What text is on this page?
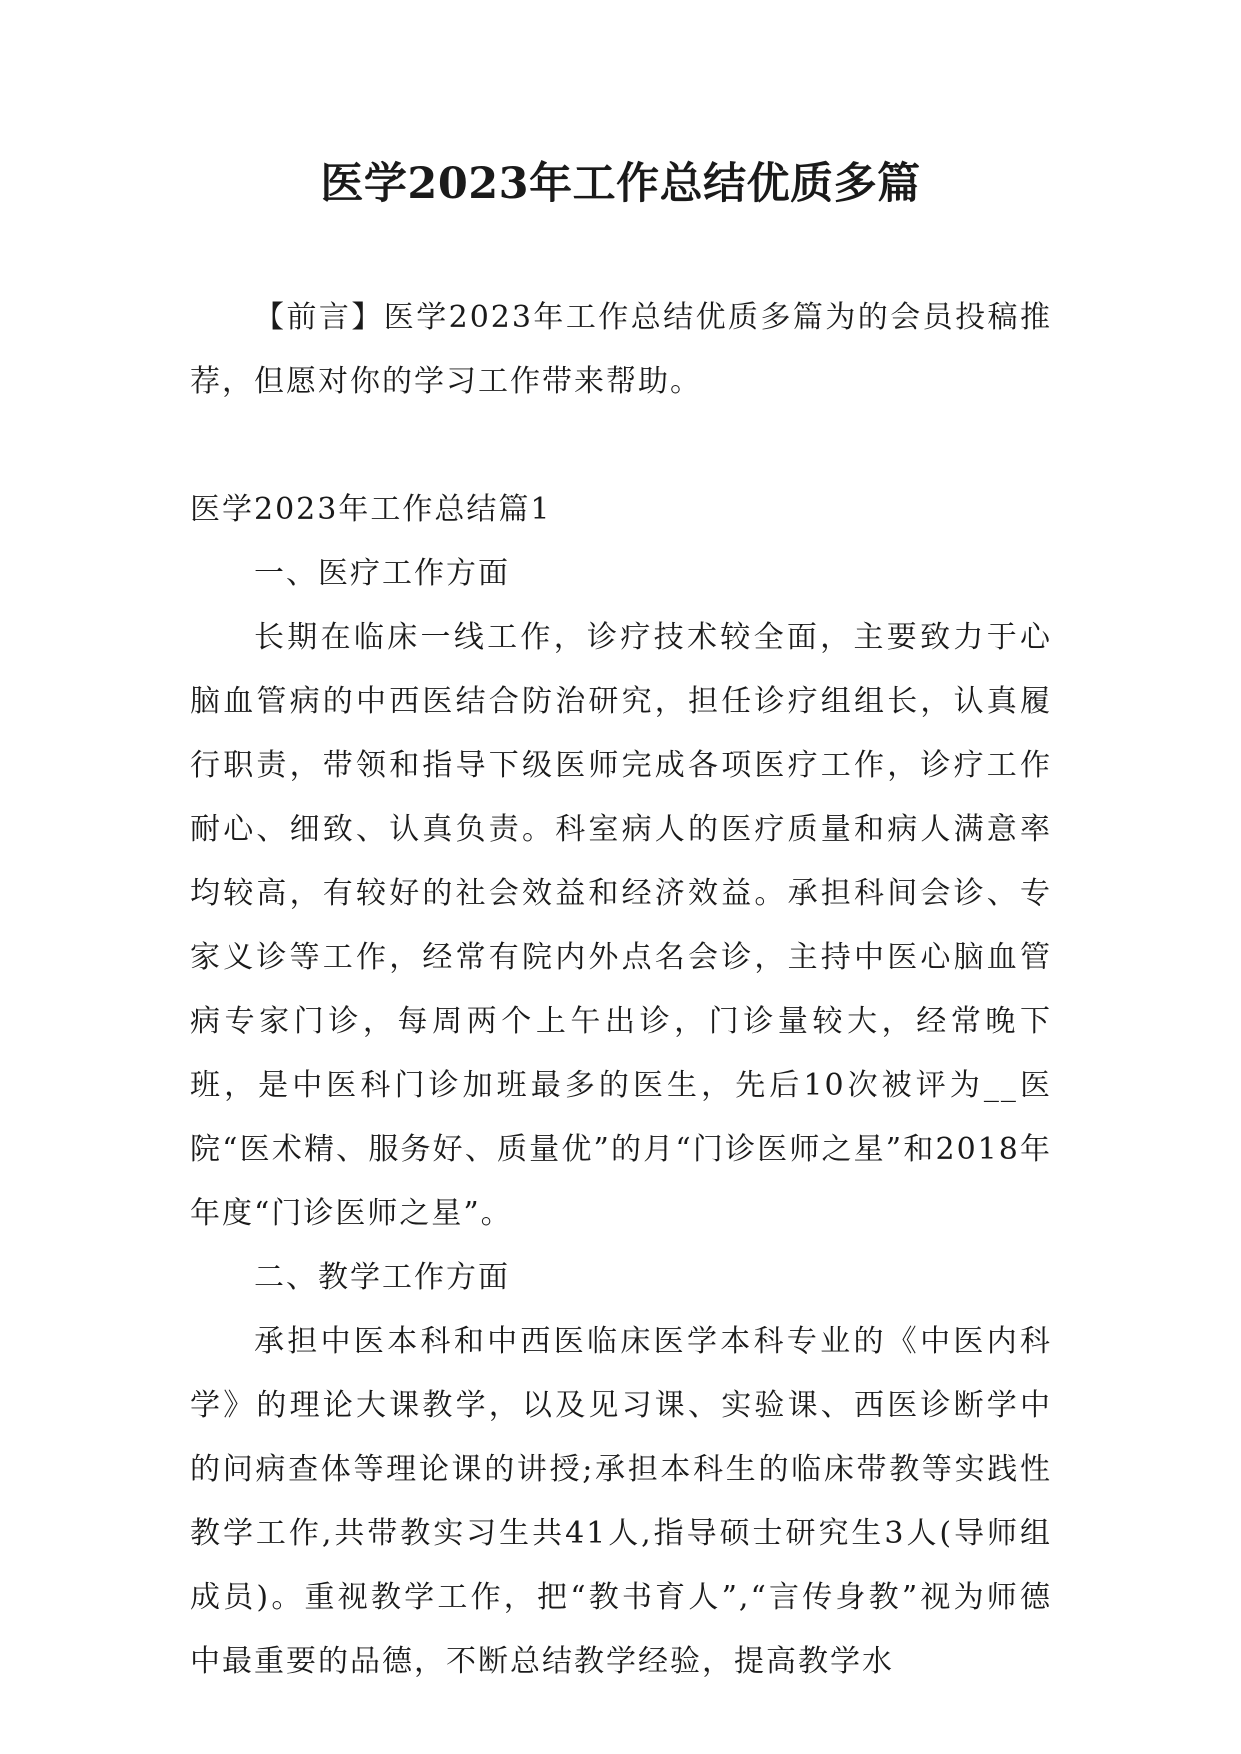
医学2023年工作总结优质多篇

【前言】医学2023年工作总结优质多篇为的会员投稿推荐，但愿对你的学习工作带来帮助。

医学2023年工作总结篇1

一、医疗工作方面

长期在临床一线工作，诊疗技术较全面，主要致力于心脑血管病的中西医结合防治研究，担任诊疗组组长，认真履行职责，带领和指导下级医师完成各项医疗工作，诊疗工作耐心、细致、认真负责。科室病人的医疗质量和病人满意率均较高，有较好的社会效益和经济效益。承担科间会诊、专家义诊等工作，经常有院内外点名会诊，主持中医心脑血管病专家门诊，每周两个上午出诊，门诊量较大，经常晚下班，是中医科门诊加班最多的医生，先后10次被评为__医院“医术精、服务好、质量优”的月“门诊医师之星”和2018年年度“门诊医师之星”。

二、教学工作方面

承担中医本科和中西医临床医学本科专业的《中医内科学》的理论大课教学，以及见习课、实验课、西医诊断学中的问病查体等理论课的讲授;承担本科生的临床带教等实践性教学工作,共带教实习生共41人,指导硕士研究生3人(导师组成员)。重视教学工作，把“教书育人”,“言传身教”视为师德中最重要的品德，不断总结教学经验，提高教学水
